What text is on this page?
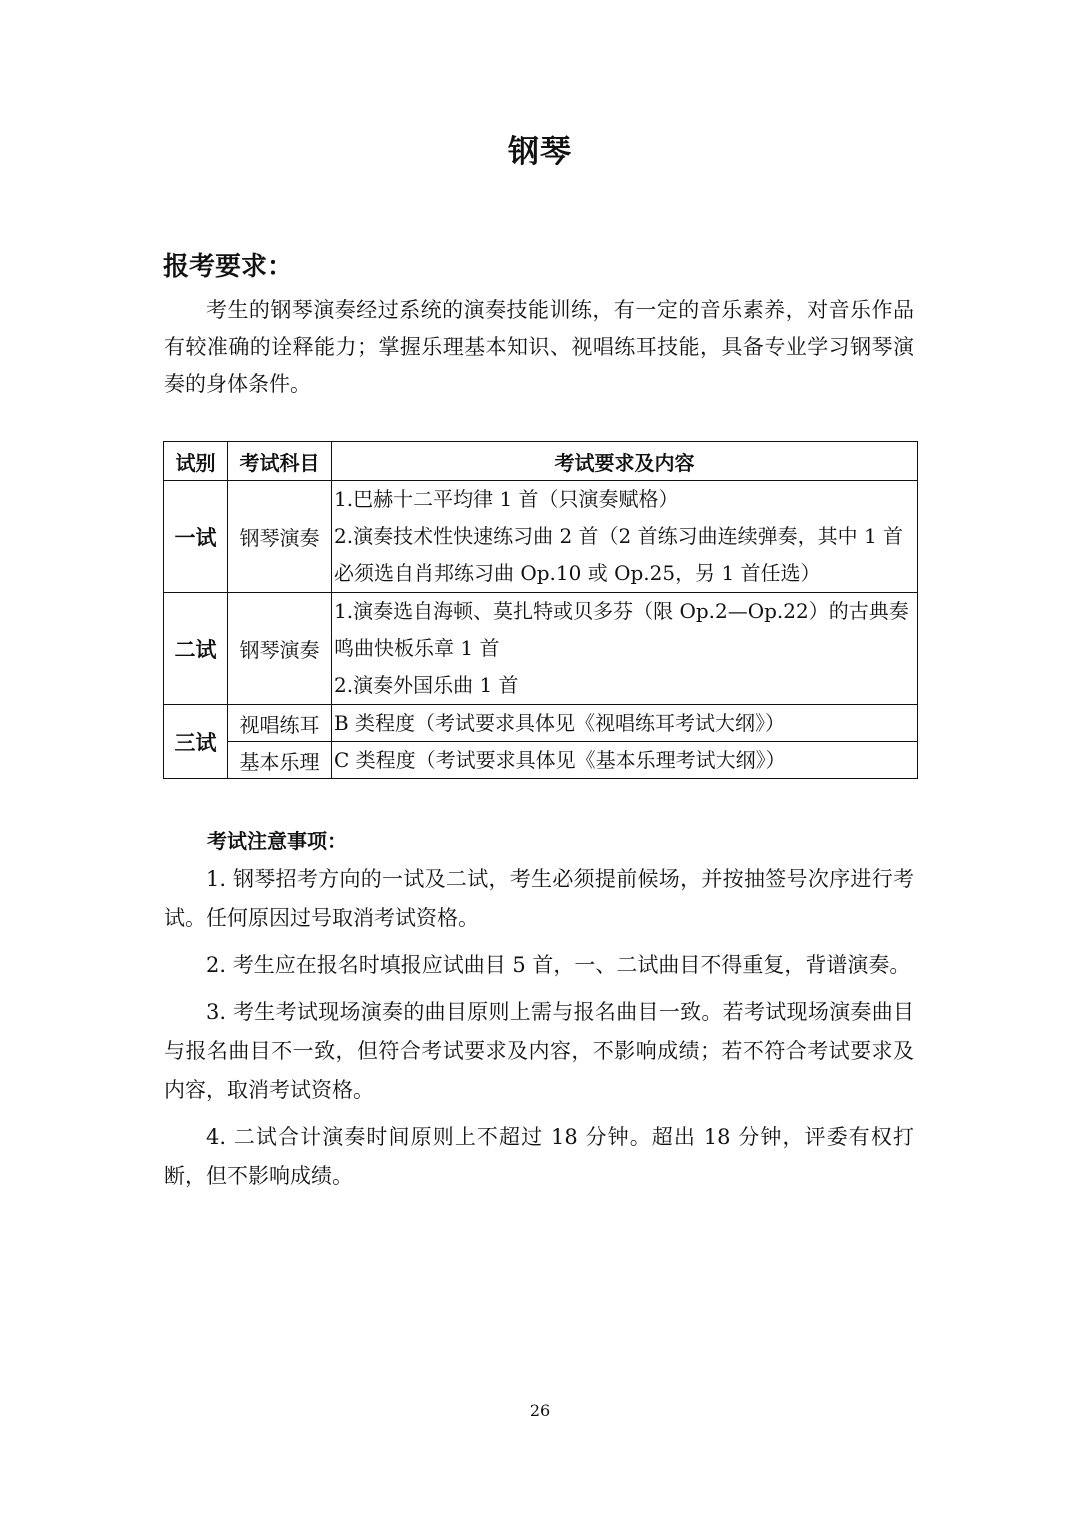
钢琴
报考要求：

考生的钢琴演奏经过系统的演奏技能训练，有一定的音乐素养，对音乐作品有较准确的诠释能力；掌握乐理基本知识、视唱练耳技能，具备专业学习钢琴演奏的身体条件。

试别	考试科目	考试要求及内容
一试	钢琴演奏	1.巴赫十二平均律 1 首（只演奏赋格）
2.演奏技术性快速练习曲 2 首（2 首练习曲连续弹奏，其中 1 首必须选自肖邦练习曲 Op.10 或 Op.25，另 1 首任选）

二试	钢琴演奏	1.演奏选自海顿、莫扎特或贝多芬（限 Op.2—Op.22）的古典奏鸣曲快板乐章 1 首
2.演奏外国乐曲 1 首

三试	视唱练耳	B 类程度（考试要求具体见《视唱练耳考试大纲》）
	基本乐理	C 类程度（考试要求具体见《基本乐理考试大纲》）
考试注意事项：
1. 钢琴招考方向的一试及二试，考生必须提前候场，并按抽签号次序进行考试。任何原因过号取消考试资格。
2. 考生应在报名时填报应试曲目 5 首，一、二试曲目不得重复，背谱演奏。
3. 考生考试现场演奏的曲目原则上需与报名曲目一致。若考试现场演奏曲目与报名曲目不一致，但符合考试要求及内容，不影响成绩；若不符合考试要求及内容，取消考试资格。
4. 二试合计演奏时间原则上不超过 18 分钟。超出 18 分钟，评委有权打断，但不影响成绩。
26
